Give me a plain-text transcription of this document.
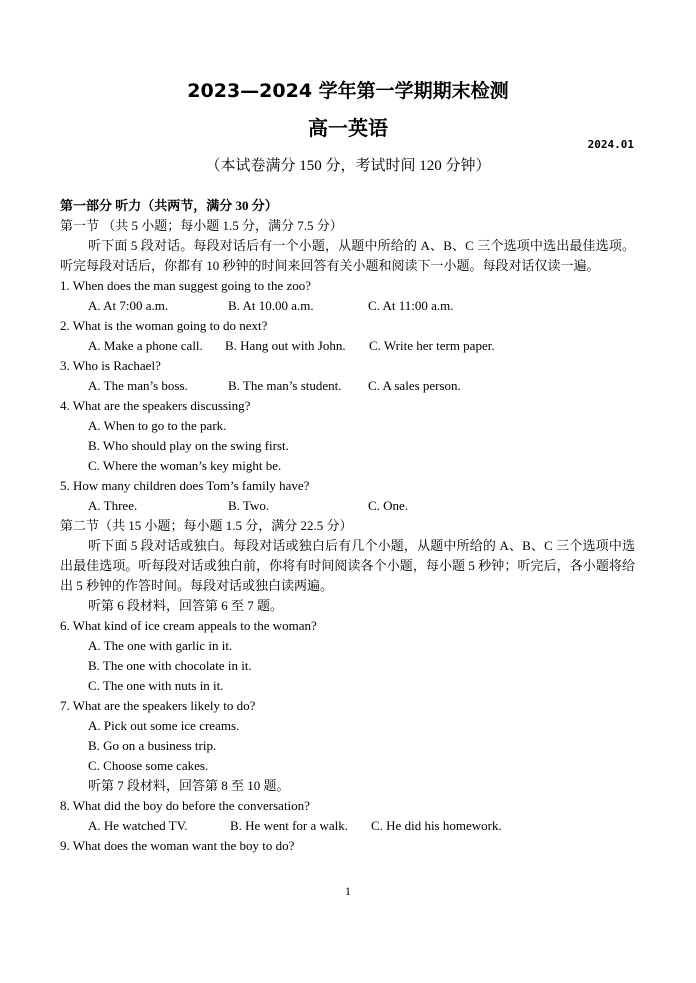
2023—2024 学年第一学期期末检测
高一英语
2024.01
（本试卷满分 150 分，考试时间 120 分钟）
第一部分 听力（共两节，满分 30 分）
第一节 （共 5 小题；每小题 1.5 分，满分 7.5 分）
听下面 5 段对话。每段对话后有一个小题，从题中所给的 A、B、C 三个选项中选出最佳选项。听完每段对话后，你都有 10 秒钟的时间来回答有关小题和阅读下一小题。每段对话仅读一遍。
1. When does the man suggest going to the zoo?
A. At 7:00 a.m.	B. At 10.00 a.m.	C. At 11:00 a.m.
2. What is the woman going to do next?
A. Make a phone call. B. Hang out with John. C. Write her term paper.
3. Who is Rachael?
A. The man’s boss.	B. The man’s student. C. A sales person.
4. What are the speakers discussing?
A. When to go to the park.
B. Who should play on the swing first.
C. Where the woman’s key might be.
5. How many children does Tom’s family have?
A. Three.	B. Two.	C. One.
第二节（共 15 小题；每小题 1.5 分，满分 22.5 分）
听下面 5 段对话或独白。每段对话或独白后有几个小题，从题中所给的 A、B、C 三个选项中选出最佳选项。听每段对话或独白前，你将有时间阅读各个小题，每小题 5 秒钟；听完后，各小题将给出 5 秒钟的作答时间。每段对话或独白读两遍。
听第 6 段材料，回答第 6 至 7 题。
6. What kind of ice cream appeals to the woman?
A. The one with garlic in it.
B. The one with chocolate in it.
C. The one with nuts in it.
7. What are the speakers likely to do?
A. Pick out some ice creams.
B. Go on a business trip.
C. Choose some cakes.
听第 7 段材料，回答第 8 至 10 题。
8. What did the boy do before the conversation?
A. He watched TV.	B. He went for a walk. C. He did his homework.
9. What does the woman want the boy to do?
1
